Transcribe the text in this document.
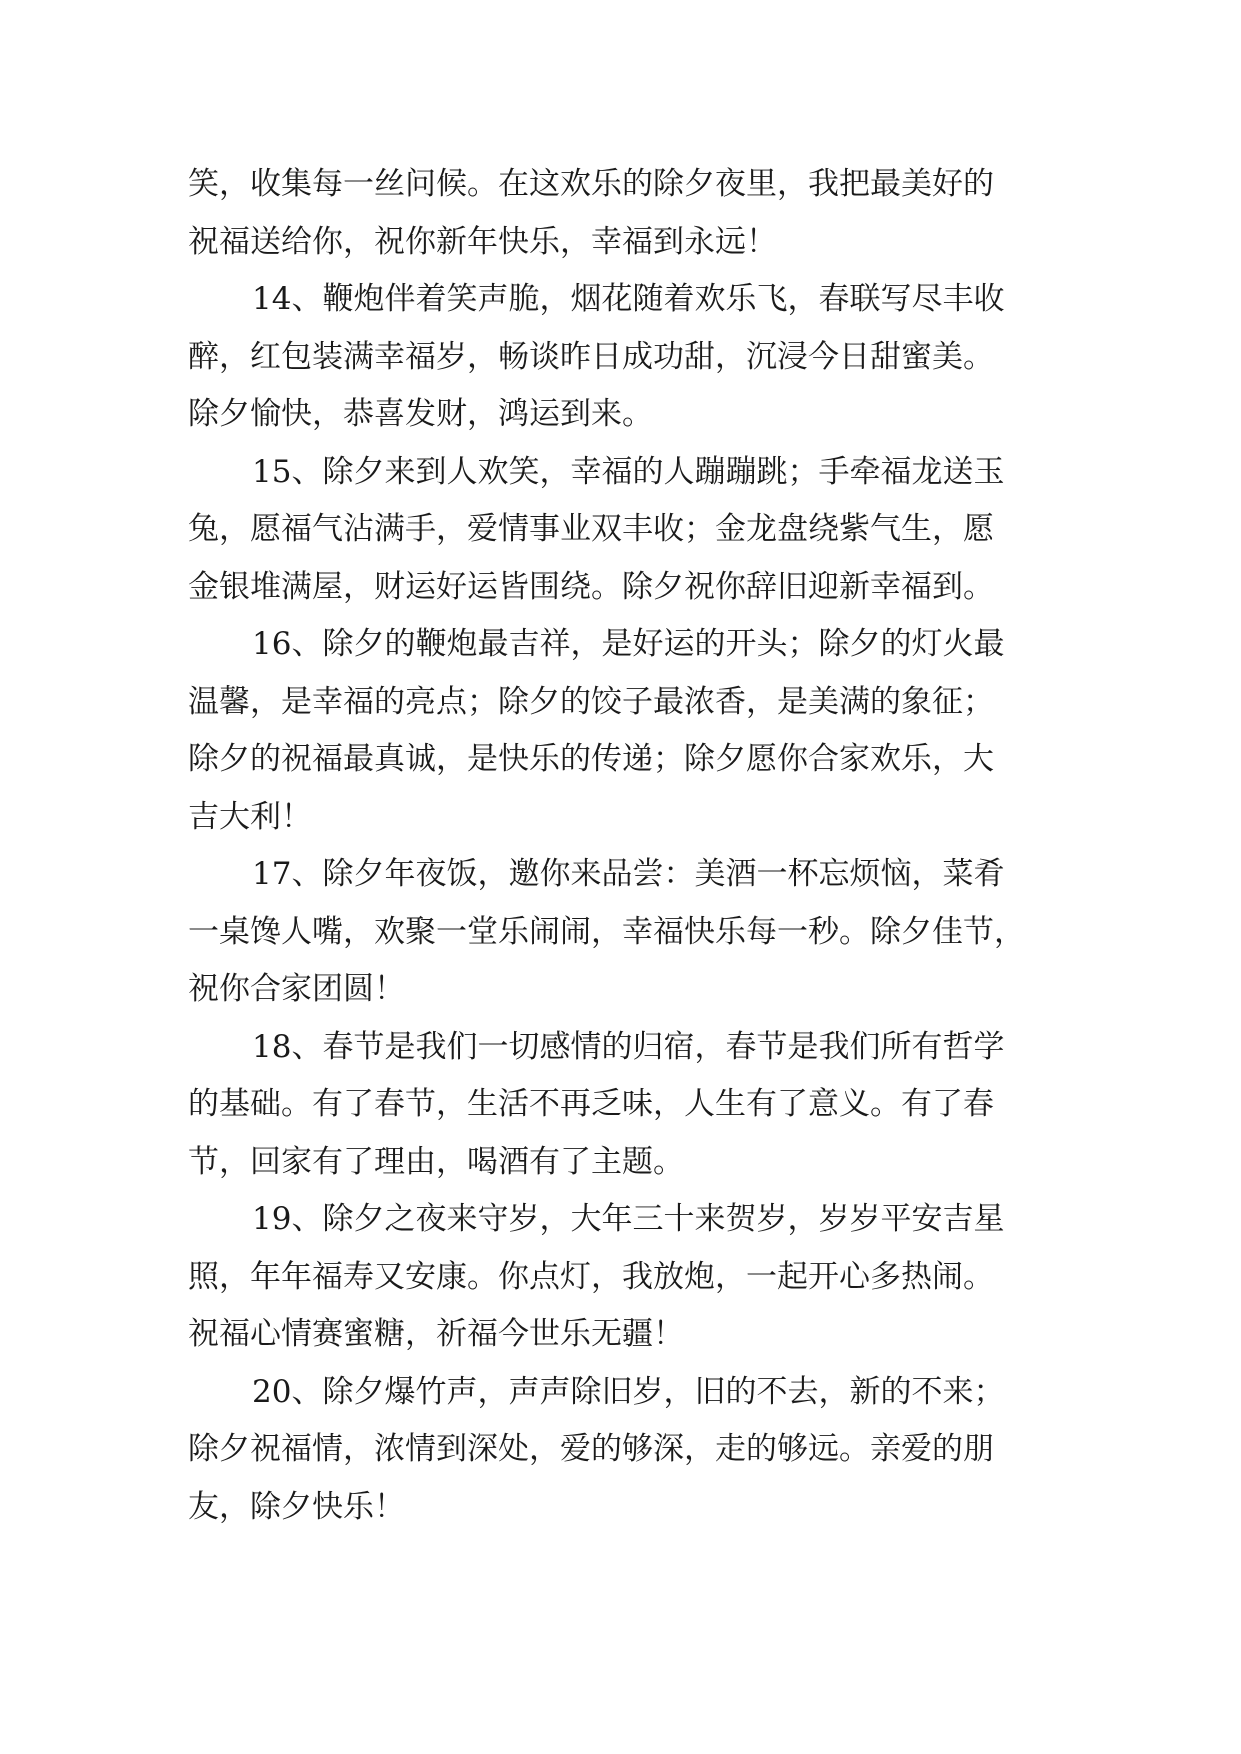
笑，收集每一丝问候。在这欢乐的除夕夜里，我把最美好的
祝福送给你，祝你新年快乐，幸福到永远！
14、鞭炮伴着笑声脆，烟花随着欢乐飞，春联写尽丰收
醉，红包装满幸福岁，畅谈昨日成功甜，沉浸今日甜蜜美。
除夕愉快，恭喜发财，鸿运到来。
15、除夕来到人欢笑，幸福的人蹦蹦跳；手牵福龙送玉
兔，愿福气沾满手，爱情事业双丰收；金龙盘绕紫气生，愿
金银堆满屋，财运好运皆围绕。除夕祝你辞旧迎新幸福到。
16、除夕的鞭炮最吉祥，是好运的开头；除夕的灯火最
温馨，是幸福的亮点；除夕的饺子最浓香，是美满的象征；
除夕的祝福最真诚，是快乐的传递；除夕愿你合家欢乐，大
吉大利！
17、除夕年夜饭，邀你来品尝：美酒一杯忘烦恼，菜肴
一桌馋人嘴，欢聚一堂乐闹闹，幸福快乐每一秒。除夕佳节，
祝你合家团圆！
18、春节是我们一切感情的归宿，春节是我们所有哲学
的基础。有了春节，生活不再乏味，人生有了意义。有了春
节，回家有了理由，喝酒有了主题。
19、除夕之夜来守岁，大年三十来贺岁，岁岁平安吉星
照，年年福寿又安康。你点灯，我放炮，一起开心多热闹。
祝福心情赛蜜糖，祈福今世乐无疆！
20、除夕爆竹声，声声除旧岁，旧的不去，新的不来；
除夕祝福情，浓情到深处，爱的够深，走的够远。亲爱的朋
友，除夕快乐！
